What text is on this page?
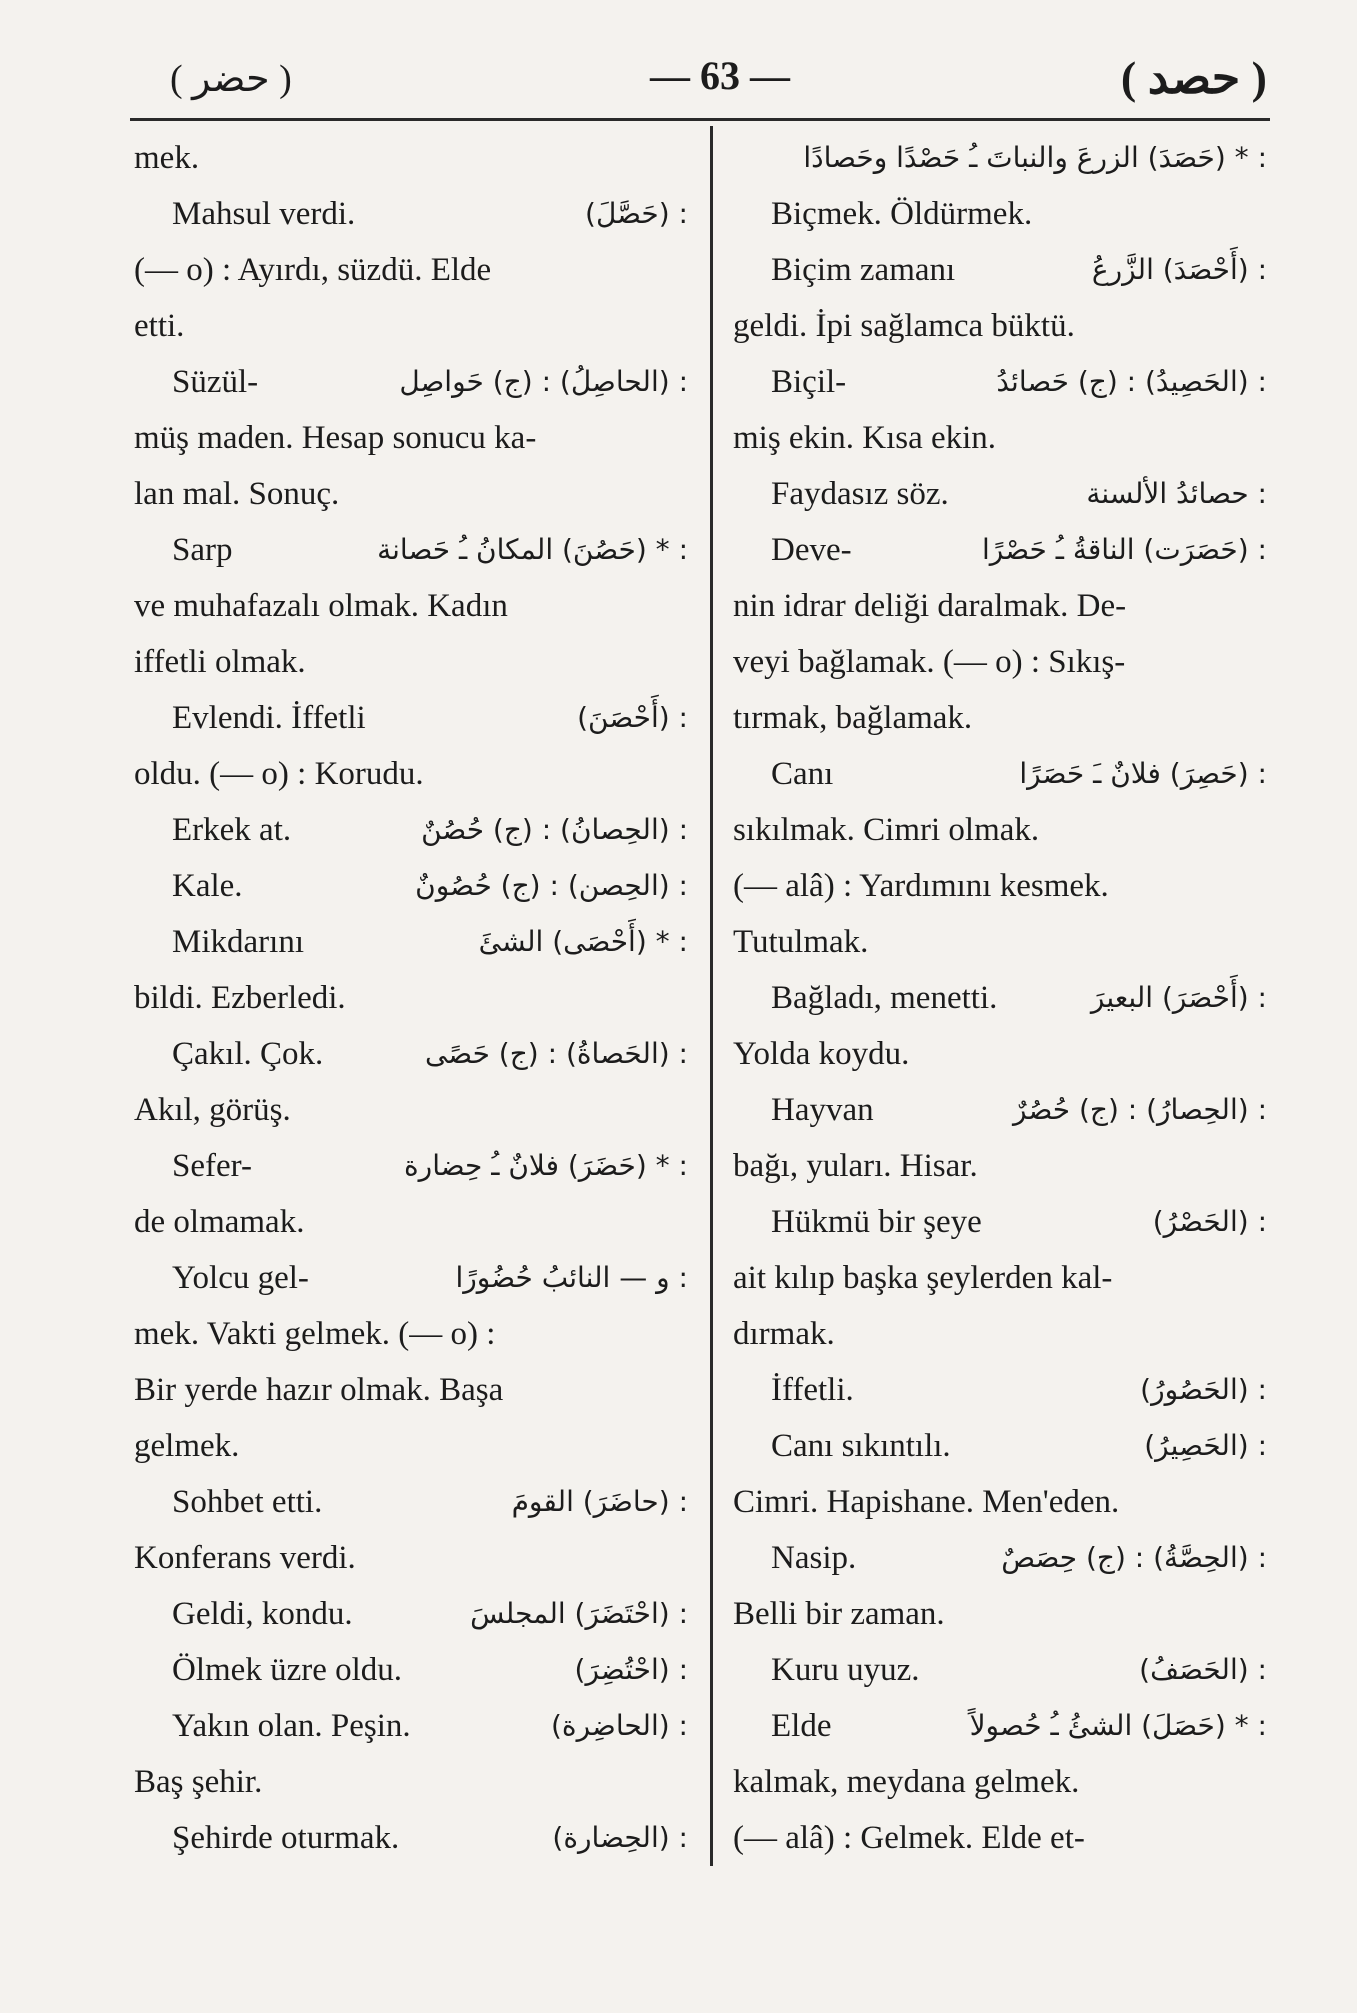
( حضر )	— 63 —	( حصد )
mek.
Mahsul verdi.	: (حَصَّلَ)
(— o) : Ayırdı, süzdü. Elde
etti.
Süzül-	: (الحاصِلُ) : (ج) حَواصِل
müş maden. Hesap sonucu ka-
lan mal. Sonuç.
Sarp	: * (حَصُنَ) المكانُ ـُ حَصانة
ve muhafazalı olmak. Kadın
iffetli olmak.
Evlendi. İffetli	: (أَحْصَنَ)
oldu. (— o) : Korudu.
Erkek at.	: (الحِصانُ) : (ج) حُصُنٌ
Kale.	: (الحِصن) : (ج) حُصُونٌ
Mikdarını	: * (أَحْصَى) الشئَ
bildi. Ezberledi.
Çakıl. Çok.	: (الحَصاةُ) : (ج) حَصًى
Akıl, görüş.
Sefer-	: * (حَضَرَ) فلانٌ ـُ حِضارة
de olmamak.
Yolcu gel-	: و — النائبُ حُضُورًا
mek. Vakti gelmek. (— o) :
Bir yerde hazır olmak. Başa
gelmek.
Sohbet etti.	: (حاضَرَ) القومَ
Konferans verdi.
Geldi, kondu.	: (احْتَضَرَ) المجلسَ
Ölmek üzre oldu.	: (احْتُضِرَ)
Yakın olan. Peşin.	: (الحاضِرة)
Baş şehir.
Şehirde oturmak.	: (الحِضارة)
: * (حَصَدَ) الزرعَ والنباتَ ـُ حَصْدًا وحَصادًا
Biçmek. Öldürmek.
Biçim zamanı	: (أَحْصَدَ) الزَّرعُ
geldi. İpi sağlamca büktü.
Biçil-	: (الحَصِيدُ) : (ج) حَصائدُ
miş ekin. Kısa ekin.
Faydasız söz.	: حصائدُ الألسنة
Deve-	: (حَصَرَت) الناقةُ ـُ حَصْرًا
nin idrar deliği daralmak. De-
veyi bağlamak. (— o) : Sıkış-
tırmak, bağlamak.
Canı	: (حَصِرَ) فلانٌ ـَ حَصَرًا
sıkılmak. Cimri olmak.
(— alâ) : Yardımını kesmek.
Tutulmak.
Bağladı, menetti.	: (أَحْصَرَ) البعيرَ
Yolda koydu.
Hayvan	: (الحِصارُ) : (ج) حُصُرٌ
bağı, yuları. Hisar.
Hükmü bir şeye	: (الحَصْرُ)
ait kılıp başka şeylerden kal-
dırmak.
İffetli.	: (الحَصُورُ)
Canı sıkıntılı.	: (الحَصِيرُ)
Cimri. Hapishane. Men'eden.
Nasip.	: (الحِصَّةُ) : (ج) حِصَصٌ
Belli bir zaman.
Kuru uyuz.	: (الحَصَفُ)
Elde	: * (حَصَلَ) الشئُ ـُ حُصولاً
kalmak, meydana gelmek.
(— alâ) : Gelmek. Elde et-
